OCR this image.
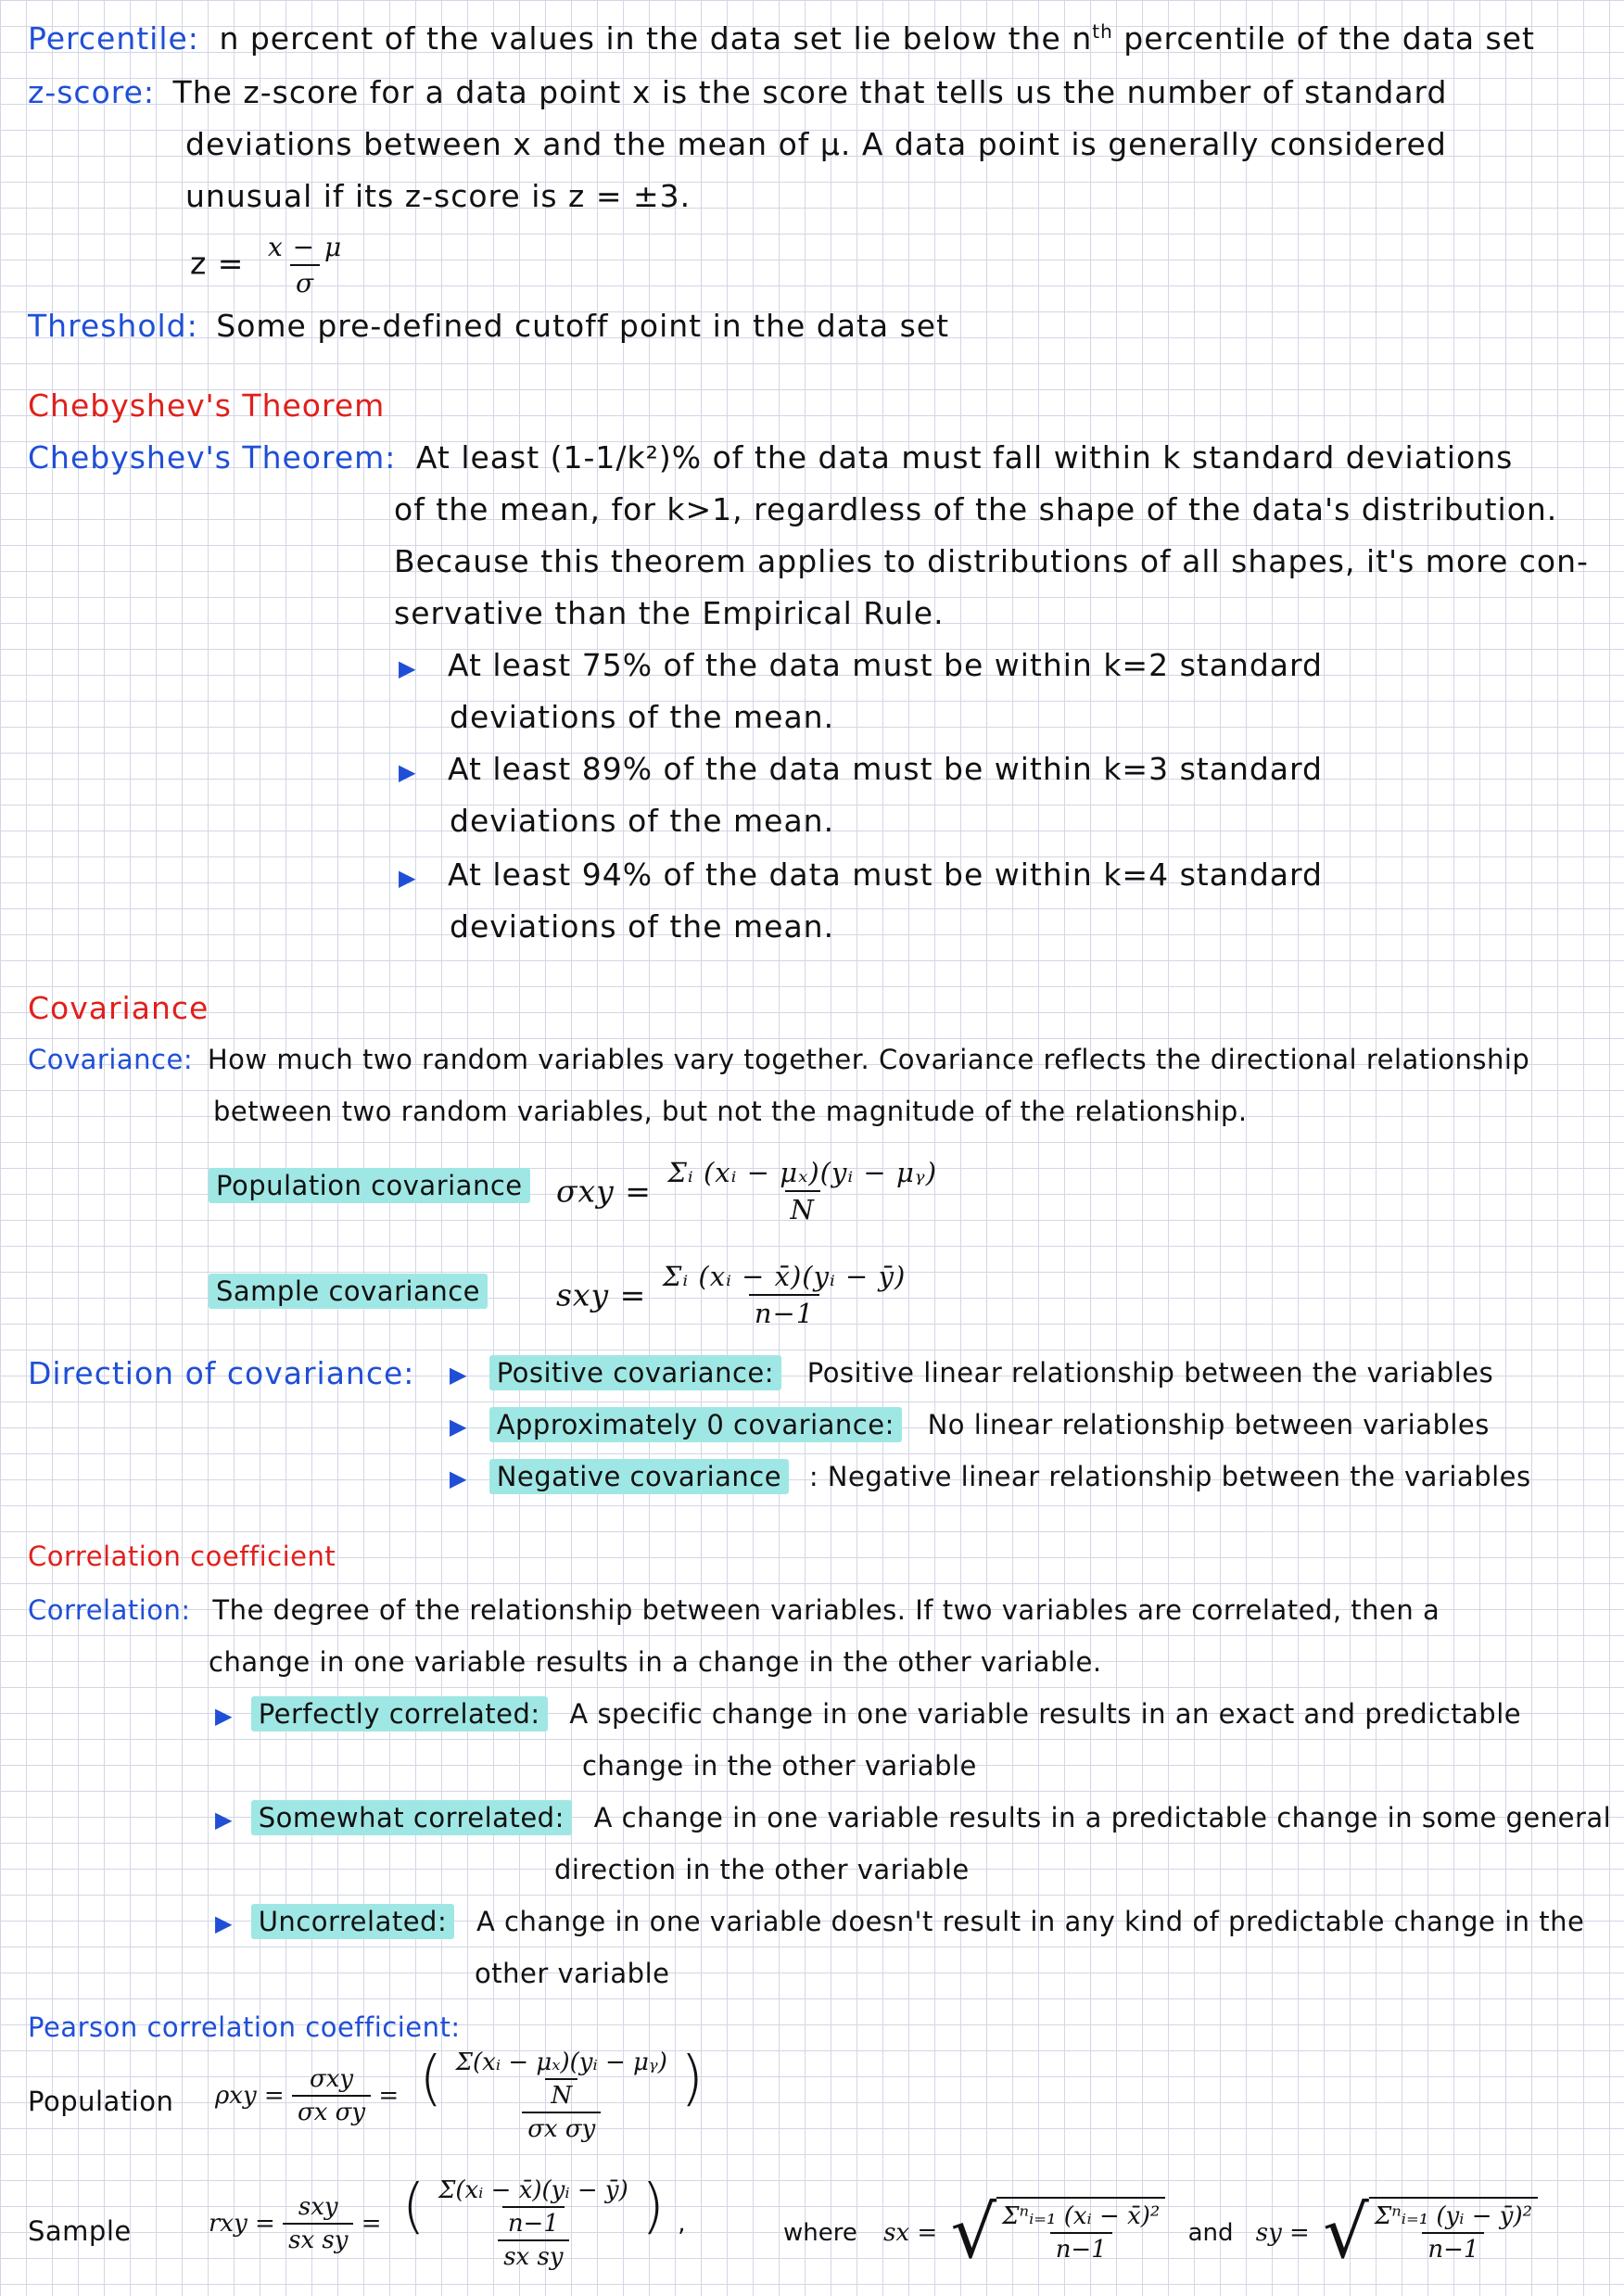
Percentile: n percent of the values in the data set lie below the $n^{th}$ percentile of the data set
z-score: The z-score for a data point x is the score that tells us the number of standard
deviations between x and the mean of μ. A data point is generally considered
unusual if its z-score is z = ±3.
$z = \frac{x - \mu}{\sigma}$
Threshold: Some pre-defined cutoff point in the data set
Chebyshev's Theorem
Chebyshev's Theorem: At least (1-1/k²)% of the data must fall within k standard deviations
of the mean, for k>1, regardless of the shape of the data's distribution.
Because this theorem applies to distributions of all shapes, it's more con-
servative than the Empirical Rule.
▶ At least 75% of the data must be within k=2 standard
deviations of the mean.
▶ At least 89% of the data must be within k=3 standard
deviations of the mean.
▶ At least 94% of the data must be within k=4 standard
deviations of the mean.
Covariance
Covariance: How much two random variables vary together. Covariance reflects the directional relationship
between two random variables, but not the magnitude of the relationship.
Population covariance $\sigma xy = \frac{\text{Σᵢ (xᵢ − μₓ)(yᵢ − μᵧ)}}{N}$
Sample covariance sxy = $\frac{\text{Σᵢ (xᵢ − x̄)(yᵢ − ȳ)}}{n-1}$
Direction of covariance: ▶ Positive covariance: Positive linear relationship between the variables
▶ Approximately 0 covariance: No linear relationship between variables
▶ Negative covariance : Negative linear relationship between the variables
Correlation coefficient
Correlation: The degree of the relationship between variables. If two variables are correlated, then a
change in one variable results in a change in the other variable.
▶ Perfectly correlated: A specific change in one variable results in an exact and predictable
change in the other variable
▶ Somewhat correlated: A change in one variable results in a predictable change in some general
direction in the other variable
▶ Uncorrelated: A change in one variable doesn't result in any kind of predictable change in the
other variable
Pearson correlation coefficient:
Population $\rho xy = \frac{\text{σxy}}{\text{σx σy}}$ = ( $\frac{\text{Σ(xᵢ − μₓ)(yᵢ − μᵧ)}}{N}$ )
σx σy
Sample	rxy = $\frac{\text{sxy}}{\text{sx sy}}$ = ( $\frac{\text{Σ(xᵢ − x̄)(yᵢ − ȳ)}}{n-1}$ )
sx sy
,	where sx = √ $\frac{\text{Σⁿᵢ₌₁ (xᵢ − x̄)²}}{n-1}$ and sy = √ $\frac{\text{Σⁿᵢ₌₁ (yᵢ − ȳ)²}}{n-1}$
